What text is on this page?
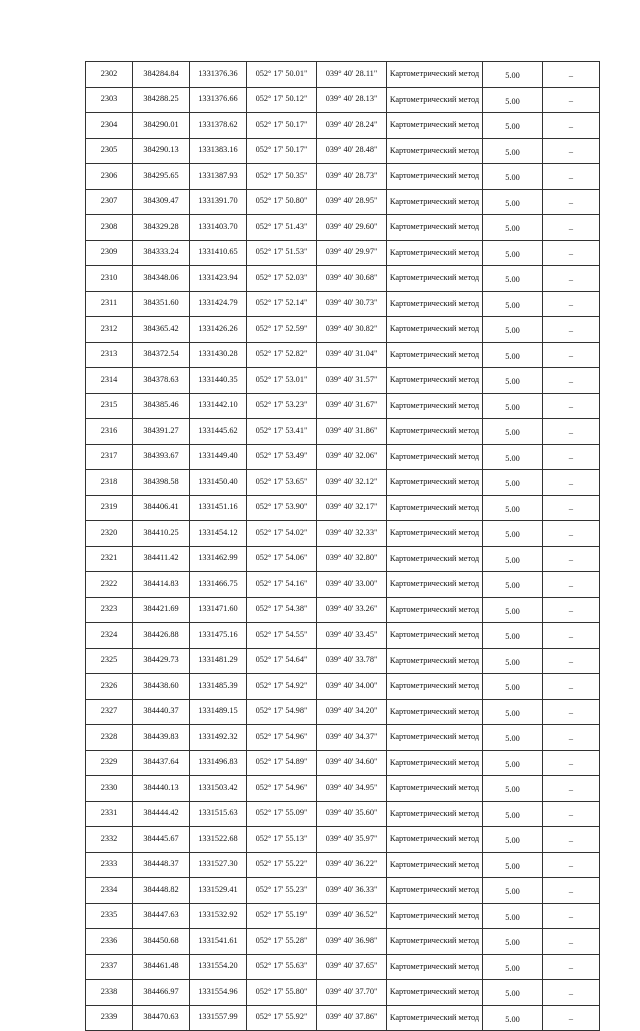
2302	384284.84	1331376.36	052° 17' 50.01"	039° 40' 28.11"	Картометрический метод	5.00	–
2303	384288.25	1331376.66	052° 17' 50.12"	039° 40' 28.13"	Картометрический метод	5.00	–
2304	384290.01	1331378.62	052° 17' 50.17"	039° 40' 28.24"	Картометрический метод	5.00	–
2305	384290.13	1331383.16	052° 17' 50.17"	039° 40' 28.48"	Картометрический метод	5.00	–
2306	384295.65	1331387.93	052° 17' 50.35"	039° 40' 28.73"	Картометрический метод	5.00	–
2307	384309.47	1331391.70	052° 17' 50.80"	039° 40' 28.95"	Картометрический метод	5.00	–
2308	384329.28	1331403.70	052° 17' 51.43"	039° 40' 29.60"	Картометрический метод	5.00	–
2309	384333.24	1331410.65	052° 17' 51.53"	039° 40' 29.97"	Картометрический метод	5.00	–
2310	384348.06	1331423.94	052° 17' 52.03"	039° 40' 30.68"	Картометрический метод	5.00	–
2311	384351.60	1331424.79	052° 17' 52.14"	039° 40' 30.73"	Картометрический метод	5.00	–
2312	384365.42	1331426.26	052° 17' 52.59"	039° 40' 30.82"	Картометрический метод	5.00	–
2313	384372.54	1331430.28	052° 17' 52.82"	039° 40' 31.04"	Картометрический метод	5.00	–
2314	384378.63	1331440.35	052° 17' 53.01"	039° 40' 31.57"	Картометрический метод	5.00	–
2315	384385.46	1331442.10	052° 17' 53.23"	039° 40' 31.67"	Картометрический метод	5.00	–
2316	384391.27	1331445.62	052° 17' 53.41"	039° 40' 31.86"	Картометрический метод	5.00	–
2317	384393.67	1331449.40	052° 17' 53.49"	039° 40' 32.06"	Картометрический метод	5.00	–
2318	384398.58	1331450.40	052° 17' 53.65"	039° 40' 32.12"	Картометрический метод	5.00	–
2319	384406.41	1331451.16	052° 17' 53.90"	039° 40' 32.17"	Картометрический метод	5.00	–
2320	384410.25	1331454.12	052° 17' 54.02"	039° 40' 32.33"	Картометрический метод	5.00	–
2321	384411.42	1331462.99	052° 17' 54.06"	039° 40' 32.80"	Картометрический метод	5.00	–
2322	384414.83	1331466.75	052° 17' 54.16"	039° 40' 33.00"	Картометрический метод	5.00	–
2323	384421.69	1331471.60	052° 17' 54.38"	039° 40' 33.26"	Картометрический метод	5.00	–
2324	384426.88	1331475.16	052° 17' 54.55"	039° 40' 33.45"	Картометрический метод	5.00	–
2325	384429.73	1331481.29	052° 17' 54.64"	039° 40' 33.78"	Картометрический метод	5.00	–
2326	384438.60	1331485.39	052° 17' 54.92"	039° 40' 34.00"	Картометрический метод	5.00	–
2327	384440.37	1331489.15	052° 17' 54.98"	039° 40' 34.20"	Картометрический метод	5.00	–
2328	384439.83	1331492.32	052° 17' 54.96"	039° 40' 34.37"	Картометрический метод	5.00	–
2329	384437.64	1331496.83	052° 17' 54.89"	039° 40' 34.60"	Картометрический метод	5.00	–
2330	384440.13	1331503.42	052° 17' 54.96"	039° 40' 34.95"	Картометрический метод	5.00	–
2331	384444.42	1331515.63	052° 17' 55.09"	039° 40' 35.60"	Картометрический метод	5.00	–
2332	384445.67	1331522.68	052° 17' 55.13"	039° 40' 35.97"	Картометрический метод	5.00	–
2333	384448.37	1331527.30	052° 17' 55.22"	039° 40' 36.22"	Картометрический метод	5.00	–
2334	384448.82	1331529.41	052° 17' 55.23"	039° 40' 36.33"	Картометрический метод	5.00	–
2335	384447.63	1331532.92	052° 17' 55.19"	039° 40' 36.52"	Картометрический метод	5.00	–
2336	384450.68	1331541.61	052° 17' 55.28"	039° 40' 36.98"	Картометрический метод	5.00	–
2337	384461.48	1331554.20	052° 17' 55.63"	039° 40' 37.65"	Картометрический метод	5.00	–
2338	384466.97	1331554.96	052° 17' 55.80"	039° 40' 37.70"	Картометрический метод	5.00	–
2339	384470.63	1331557.99	052° 17' 55.92"	039° 40' 37.86"	Картометрический метод	5.00	–
